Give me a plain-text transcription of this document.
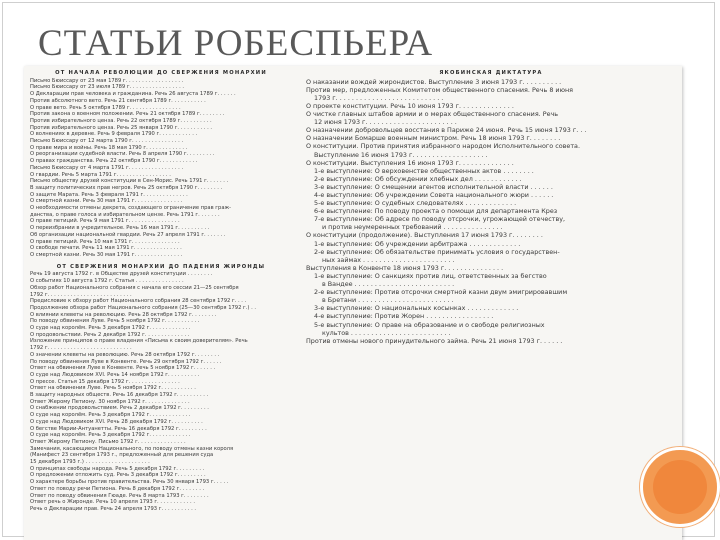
СТАТЬИ РОБЕСПЬЕРА
ОТ НАЧАЛА РЕВОЛЮЦИИ ДО СВЕРЖЕНИЯ МОНАРХИИ
Письмо Бюиссару от 23 мая 1789 г. . . . . . . . . . . . . . . . . .
Письмо Бюиссару от 23 июля 1789 г. . . . . . . . . . . . . . . . .
О Декларации прав человека и гражданина. Речь 26 августа 1789 г. . . . . .
Против абсолютного вето. Речь 21 сентября 1789 г. . . . . . . . . . .
О праве вето. Речь 5 октября 1789 г. . . . . . . . . . . . . . . .
Против закона о военном положении. Речь 21 октября 1789 г. . . . . . . .
Против избирательного ценза. Речь 22 октября 1789 г. . . . . . . . . .
Против избирательного ценза. Речь 25 января 1790 г. . . . . . . . . . .
О волнениях в деревне. Речь 9 февраля 1790 г. . . . . . . . . . . .
Письмо Бюиссару от 12 марта 1790 г. . . . . . . . . . . . . . . .
О праве мира и войны. Речь 18 мая 1790 г. . . . . . . . . . . . .
О реорганизации судебной власти. Речь 8 апреля 1790 г. . . . . . . . .
О правах гражданства. Речь 22 октября 1790 г. . . . . . . . . . . .
Письмо Бюиссару от 4 марта 1791 г. . . . . . . . . . . . . . . . .
О гвардии. Речь 5 марта 1791 г. . . . . . . . . . . . . . . . .
Письмо обществу друзей конституции в Сен-Морис. Речь 1791 г. . . . . . .
В защиту политических прав негров. Речь 25 октября 1790 г. . . . . . . .
О защите Марата. Речь 3 февраля 1791 г. . . . . . . . . . . . . .
О смертной казни. Речь 30 мая 1791 г. . . . . . . . . . . . . . .
О необходимости отмены декрета, создающего ограничение прав граж-
данства, о праве голоса и избирательном цензе. Речь 1791 г. . . . . . .
О праве петиций. Речь 9 мая 1791 г. . . . . . . . . . . . . . . .
О переизбрании в учредительное. Речь 16 мая 1791 г. . . . . . . . . .
Об организации национальной гвардии. Речь 27 апреля 1791 г. . . . . . .
О праве петиций. Речь 10 мая 1791 г. . . . . . . . . . . . . . .
О свободе печати. Речь 11 мая 1791 г. . . . . . . . . . . . . . .
О смертной казни. Речь 30 мая 1791 г. . . . . . . . . . . . . . .
ОТ СВЕРЖЕНИЯ МОНАРХИИ ДО ПАДЕНИЯ ЖИРОНДЫ
Речь 19 августа 1792 г. в Обществе друзей конституции . . . . . . . .
О событиях 10 августа 1792 г. Статья . . . . . . . . . . . . . . .
Обзор работ Национального собрания с начала его сессии 21—25 сентября
1792 г. . . . . . . . . . . . . . . . . . . . . . . . . .
Предисловие к обзору работ Национального собрания 28 сентября 1792 г. . . .
Продолжение обзора работ Национального собрания (25—30 сентября 1792 г.) . .
О влиянии клеветы на революцию. Речь 28 октября 1792 г. . . . . . . .
По поводу обвинения Луве. Речь 5 ноября 1792 г. . . . . . . . . . .
О суде над королём. Речь 3 декабря 1792 г. . . . . . . . . . . . .
О продовольствии. Речь 2 декабря 1792 г. . . . . . . . . . . . . .
Изложение принципов о праве владения «Письма к своим доверителям». Речь
1792 г. . . . . . . . . . . . . . . . . . . . . . . . . .
О значении клеветы на революцию. Речь 28 октября 1792 г. . . . . . . .
По поводу обвинения Луве в Конвенте. Речь 29 октября 1792 г. . . . . .
Ответ на обвинения Луве в Конвенте. Речь 5 ноября 1792 г. . . . . . .
О суде над Людовиком XVI. Речь 14 ноября 1792 г. . . . . . . . . .
О прессе. Статья 15 декабря 1792 г. . . . . . . . . . . . . . . .
Ответ на обвинения Луве. Речь 5 ноября 1792 г. . . . . . . . . . .
В защиту народных обществ. Речь 16 декабря 1792 г. . . . . . . . . .
Ответ Жерому Петиону. 30 ноября 1792 г. . . . . . . . . . . . . .
О снабжении продовольствием. Речь 2 декабря 1792 г. . . . . . . . .
О суде над королём. Речь 3 декабря 1792 г. . . . . . . . . . . . .
О суде над Людовиком XVI. Речь 28 декабря 1792 г. . . . . . . . . .
О бегстве Марии-Антуанетты. Речь 16 декабря 1792 г. . . . . . . . .
О суде над королём. Речь 3 декабря 1792 г. . . . . . . . . . . . .
Ответ Жерому Петиону. Письмо 1792 г. . . . . . . . . . . . . . .
Замечания, касающиеся Национального, по поводу отмены казни короля
(Манифест 23 сентября 1793 г., предложенный для решения суда
15 декабря 1793 г.) . . . . . . . . . . . . . . . . . . . .
О принципах свободы народа. Речь 5 декабря 1792 г. . . . . . . . .
О предложении отложить суд. Речь 3 декабря 1792 г. . . . . . . . .
О характере борьбы против правительства. Речь 30 января 1793 г. . . . .
Ответ по поводу речи Петиона. Речь 8 декабря 1792 г. . . . . . . .
Ответ по поводу обвинения Гюаде. Речь 8 марта 1793 г. . . . . . . .
Ответ речь о Жиронде. Речь 10 апреля 1793 г. . . . . . . . . . . .
Речь о Декларации прав. Речь 24 апреля 1793 г. . . . . . . . . . .
ЯКОБИНСКАЯ ДИКТАТУРА
О наказании вождей жирондистов. Выступление 3 июня 1793 г. . . . . . . . . .
Против мер, предложенных Комитетом общественного спасения. Речь 8 июня
1793 г. . . . . . . . . . . . . . . . . . . . . . . . . . .
О проекте конституции. Речь 10 июня 1793 г. . . . . . . . . . . . . .
О чистке главных штабов армии и о мерах общественного спасения. Речь
12 июня 1793 г. . . . . . . . . . . . . . . . . . . . . . .
О назначении добровольцев восстания в Париже 24 июня. Речь 15 июня 1793 г. . .
О назначении Бомарше военным министром. Речь 18 июня 1793 г. . . . . . . .
О конституции. Против принятия избранного народом Исполнительного совета.
Выступление 16 июня 1793 г. . . . . . . . . . . . . . . . . . .
О конституции. Выступления 16 июня 1793 г. . . . . . . . . . . . . .
1-е выступление: О верховенстве общественных актов . . . . . . . .
2-е выступление: Об обсуждении хлебных дел . . . . . . . . . . . .
3-е выступление: О смещении агентов исполнительной власти . . . . . .
4-е выступление: Об учреждении Совета национального жюри . . . . . .
5-е выступление: О судебных следователях . . . . . . . . . . . . .
6-е выступление: По поводу проекта о помощи для департамента Крез
7-е выступление: Об адресе по поводу отсрочки, угрожающей отечеству,
и против неумеренных требований . . . . . . . . . . . . . . .
О конституции (продолжение). Выступления 17 июня 1793 г. . . . . . . .
1-е выступление: Об учреждении арбитража . . . . . . . . . . . . .
2-е выступление: Об обязательстве принимать условия о государствен-
ных займах . . . . . . . . . . . . . . . . . . . . . . .
Выступления в Конвенте 18 июня 1793 г. . . . . . . . . . . . . . .
1-е выступление: О санкциях против лиц, ответственных за бегство
в Вандее . . . . . . . . . . . . . . . . . . . . . . . . .
2-е выступление: Против отсрочки смертной казни двум эмигрировавшим
в Бретани . . . . . . . . . . . . . . . . . . . . . . . .
3-е выступление: О национальных косынках . . . . . . . . . . . . .
4-е выступление: Против Жорен . . . . . . . . . . . . . . . . .
5-е выступление: О праве на образование и о свободе религиозных
культов . . . . . . . . . . . . . . . . . . . . . . . . .
Против отмены нового принудительного займа. Речь 21 июня 1793 г. . . . . .
